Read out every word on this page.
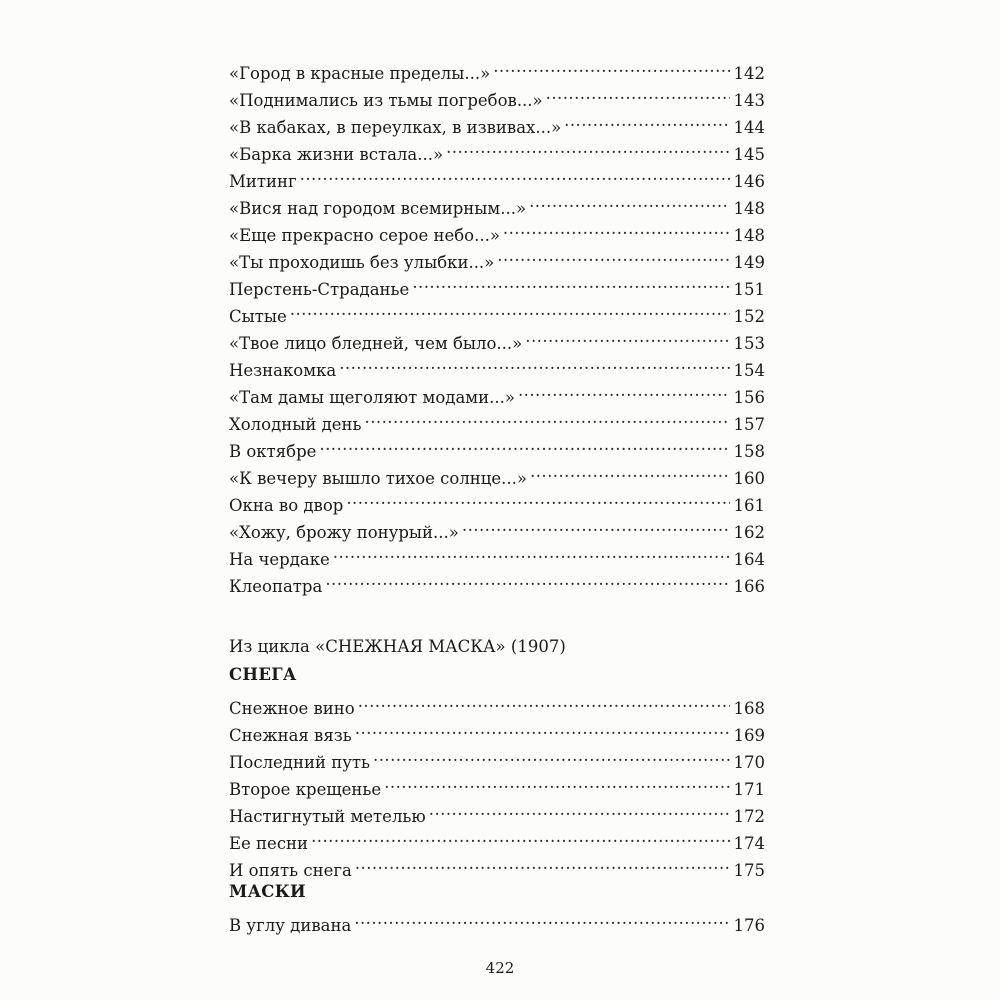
«Город в красные пределы...» . . .	142
«Поднимались из тьмы погребов...» . . .	143
«В кабаках, в переулках, в извивах...» . . .	144
«Барка жизни встала...» . . .	145
Митинг . . .	146
«Вися над городом всемирным...» . . .	148
«Еще прекрасно серое небо...» . . .	148
«Ты проходишь без улыбки...» . . .	149
Перстень-Страданье . . .	151
Сытые . . .	152
«Твое лицо бледней, чем было...» . . .	153
Незнакомка . . .	154
«Там дамы щеголяют модами...» . . .	156
Холодный день . . .	157
В октябре . . .	158
«К вечеру вышло тихое солнце...» . . .	160
Окна во двор . . .	161
«Хожу, брожу понурый...» . . .	162
На чердаке . . .	164
Клеопатра . . .	166
Из цикла «СНЕЖНАЯ МАСКА» (1907)
СНЕГА
Снежное вино . . .	168
Снежная вязь . . .	169
Последний путь . . .	170
Второе крещенье . . .	171
Настигнутый метелью . . .	172
Ее песни . . .	174
И опять снега . . .	175
МАСКИ
В углу дивана . . .	176
422
